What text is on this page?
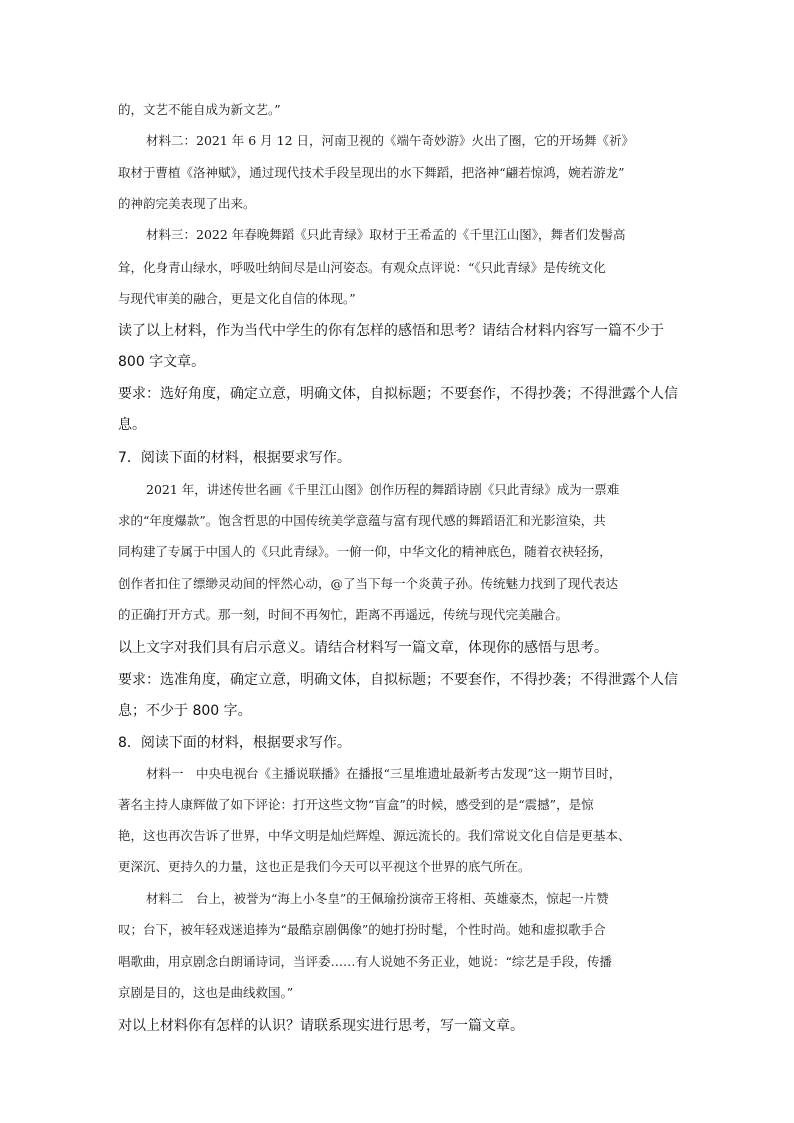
的，文艺不能自成为新文艺。”
材料二：2021 年 6 月 12 日，河南卫视的《端午奇妙游》火出了圈，它的开场舞《祈》
取材于曹植《洛神赋》，通过现代技术手段呈现出的水下舞蹈，把洛神“翩若惊鸿，婉若游龙”
的神韵完美表现了出来。
材料三：2022 年春晚舞蹈《只此青绿》取材于王希孟的《千里江山图》，舞者们发髻高
耸，化身青山绿水，呼吸吐纳间尽是山河姿态。有观众点评说：“《只此青绿》是传统文化
与现代审美的融合，更是文化自信的体现。”
读了以上材料，作为当代中学生的你有怎样的感悟和思考？请结合材料内容写一篇不少于
800 字文章。
要求：选好角度，确定立意，明确文体，自拟标题；不要套作，不得抄袭；不得泄露个人信
息。
7．阅读下面的材料，根据要求写作。
2021 年，讲述传世名画《千里江山图》创作历程的舞蹈诗剧《只此青绿》成为一票难
求的“年度爆款”。饱含哲思的中国传统美学意蕴与富有现代感的舞蹈语汇和光影渲染，共
同构建了专属于中国人的《只此青绿》。一俯一仰，中华文化的精神底色，随着衣袂轻扬，
创作者扣住了缥缈灵动间的怦然心动，@了当下每一个炎黄子孙。传统魅力找到了现代表达
的正确打开方式。那一刻，时间不再匆忙，距离不再遥远，传统与现代完美融合。
以上文字对我们具有启示意义。请结合材料写一篇文章，体现你的感悟与思考。
要求：选准角度，确定立意，明确文体，自拟标题；不要套作，不得抄袭；不得泄露个人信
息；不少于 800 字。
8．阅读下面的材料，根据要求写作。
材料一　中央电视台《主播说联播》在播报“三星堆遗址最新考古发现”这一期节目时，
著名主持人康辉做了如下评论：打开这些文物“盲盒”的时候，感受到的是“震撼”，是惊
艳，这也再次告诉了世界，中华文明是灿烂辉煌、源远流长的。我们常说文化自信是更基本、
更深沉、更持久的力量，这也正是我们今天可以平视这个世界的底气所在。
材料二　台上，被誉为“海上小冬皇”的王佩瑜扮演帝王将相、英雄豪杰，惊起一片赞
叹；台下，被年轻戏迷追捧为“最酷京剧偶像”的她打扮时髦，个性时尚。她和虚拟歌手合
唱歌曲，用京剧念白朗诵诗词，当评委……有人说她不务正业，她说：“综艺是手段，传播
京剧是目的，这也是曲线救国。”
对以上材料你有怎样的认识？请联系现实进行思考，写一篇文章。
